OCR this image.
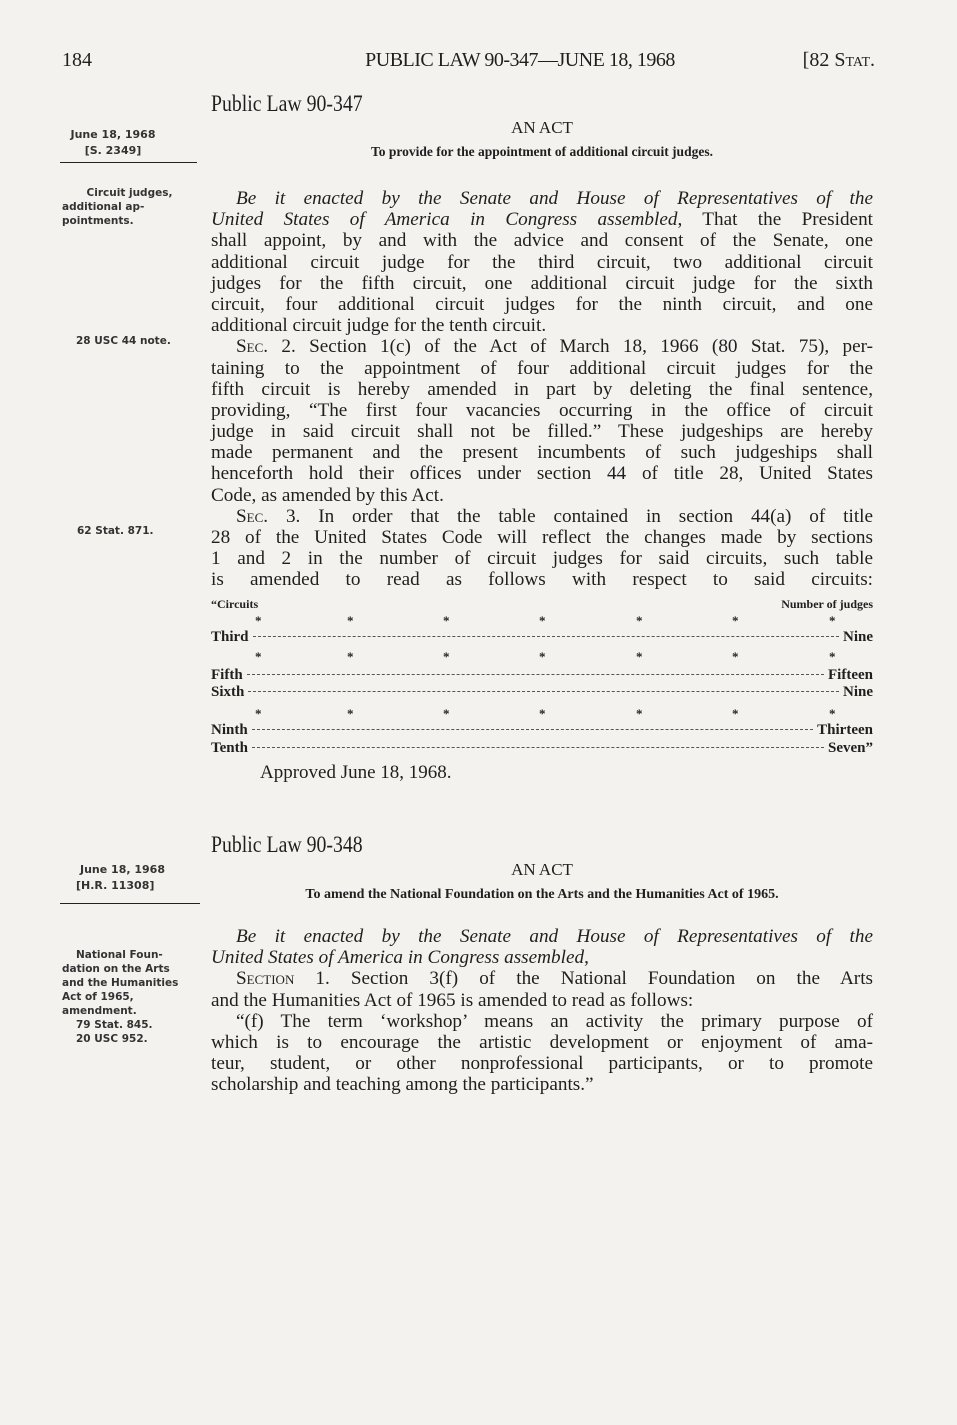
184	PUBLIC LAW 90-347—JUNE 18, 1968	[82 Stat.
Public Law 90-347
AN ACT
To provide for the appointment of additional circuit judges.
June 18, 1968
[S. 2349]
Circuit judges,
additional ap-
pointments.
28 USC 44 note.
62 Stat. 871.
Be it enacted by the Senate and House of Representatives of the
United States of America in Congress assembled, That the President
shall appoint, by and with the advice and consent of the Senate, one
additional circuit judge for the third circuit, two additional circuit
judges for the fifth circuit, one additional circuit judge for the sixth
circuit, four additional circuit judges for the ninth circuit, and one
additional circuit judge for the tenth circuit.
Sec. 2. Section 1(c) of the Act of March 18, 1966 (80 Stat. 75), per-
taining to the appointment of four additional circuit judges for the
fifth circuit is hereby amended in part by deleting the final sentence,
providing, “The first four vacancies occurring in the office of circuit
judge in said circuit shall not be filled.” These judgeships are hereby
made permanent and the present incumbents of such judgeships shall
henceforth hold their offices under section 44 of title 28, United States
Code, as amended by this Act.
Sec. 3. In order that the table contained in section 44(a) of title
28 of the United States Code will reflect the changes made by sections
1 and 2 in the number of circuit judges for said circuits, such table
is amended to read as follows with respect to said circuits:
“Circuits	Number of judges
*	*	*	*	*	*	*
*	*	*	*	*	*	*
*	*	*	*	*	*	*
Third	Nine
Fifth	Fifteen
Sixth	Nine
Ninth	Thirteen
Tenth	Seven”
Approved June 18, 1968.
Public Law 90-348
AN ACT
To amend the National Foundation on the Arts and the Humanities Act of 1965.
June 18, 1968
[H.R. 11308]
National Foun-
dation on the Arts
and the Humanities
Act of 1965,
amendment.
79 Stat. 845.
20 USC 952.
Be it enacted by the Senate and House of Representatives of the
United States of America in Congress assembled,
Section 1. Section 3(f) of the National Foundation on the Arts
and the Humanities Act of 1965 is amended to read as follows:
“(f) The term ‘workshop’ means an activity the primary purpose of
which is to encourage the artistic development or enjoyment of ama-
teur, student, or other nonprofessional participants, or to promote
scholarship and teaching among the participants.”
